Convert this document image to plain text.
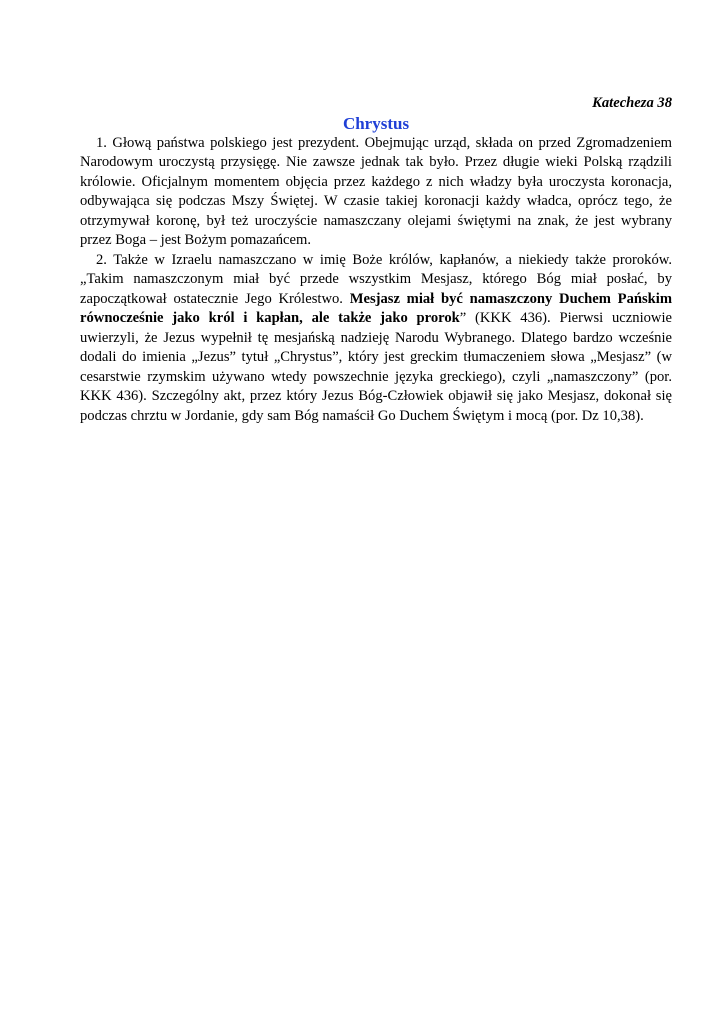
Katecheza 38

Chrystus

1. Głową państwa polskiego jest prezydent. Obejmując urząd, składa on przed Zgromadzeniem Narodowym uroczystą przysięgę. Nie zawsze jednak tak było. Przez długie wieki Polską rządzili królowie. Oficjalnym momentem objęcia przez każdego z nich władzy była uroczysta koronacja, odbywająca się podczas Mszy Świętej. W czasie takiej koronacji każdy władca, oprócz tego, że otrzymywał koronę, był też uroczyście namaszczany olejami świętymi na znak, że jest wybrany przez Boga – jest Bożym pomazańcem.

2. Także w Izraelu namaszczano w imię Boże królów, kapłanów, a niekiedy także proroków. „Takim namaszczonym miał być przede wszystkim Mesjasz, którego Bóg miał posłać, by zapoczątkował ostatecznie Jego Królestwo. Mesjasz miał być namaszczony Duchem Pańskim równocześnie jako król i kapłan, ale także jako prorok” (KKK 436). Pierwsi uczniowie uwierzyli, że Jezus wypełnił tę mesjańską nadzieję Narodu Wybranego. Dlatego bardzo wcześnie dodali do imienia „Jezus” tytuł „Chrystus”, który jest greckim tłumaczeniem słowa „Mesjasz” (w cesarstwie rzymskim używano wtedy powszechnie języka greckiego), czyli „namaszczony” (por. KKK 436). Szczególny akt, przez który Jezus Bóg-Człowiek objawił się jako Mesjasz, dokonał się podczas chrztu w Jordanie, gdy sam Bóg namaścił Go Duchem Świętym i mocą (por. Dz 10,38).
